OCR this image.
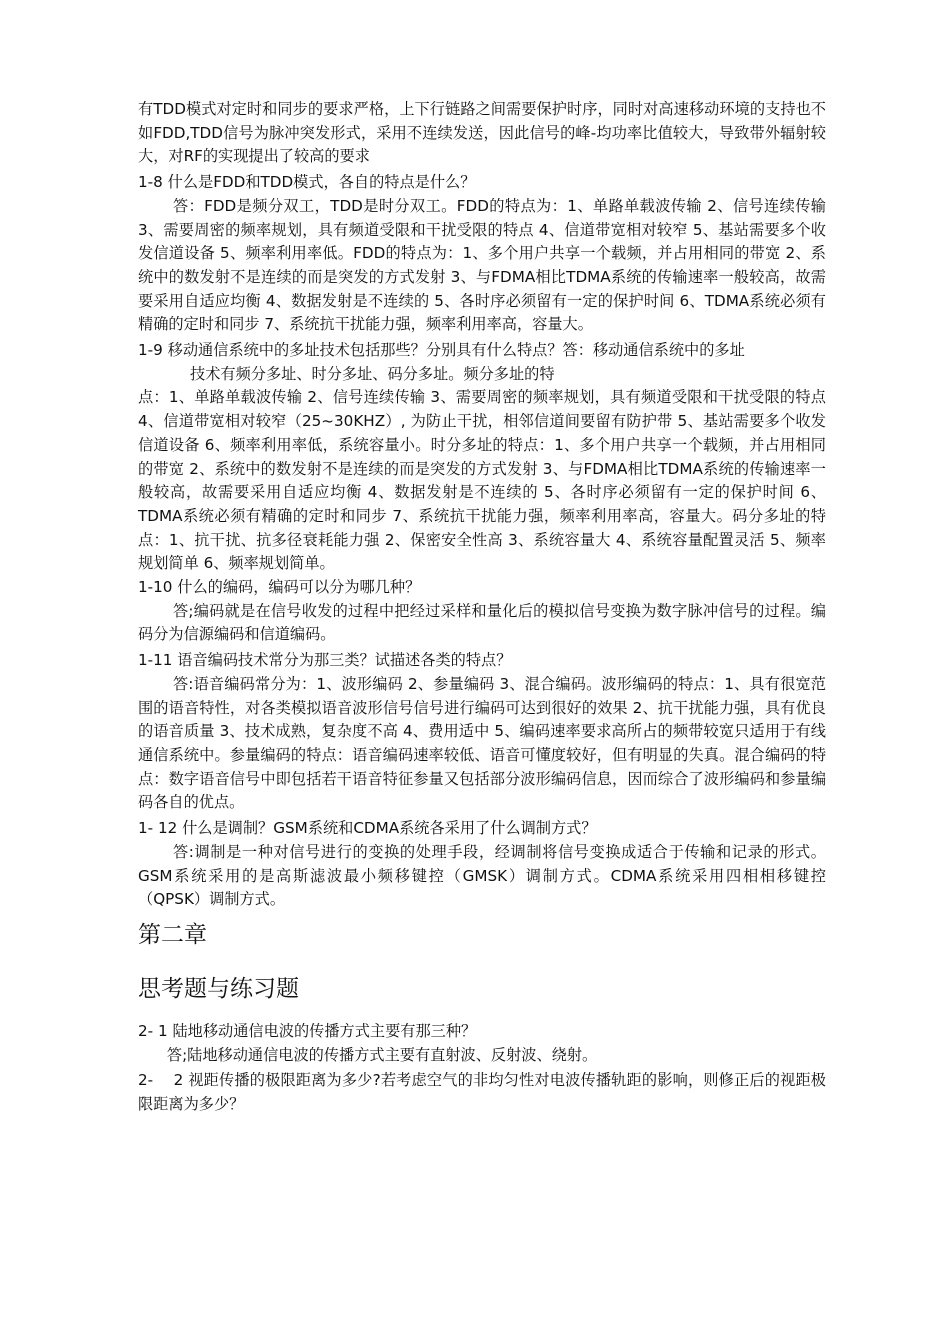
有TDD模式对定时和同步的要求严格，上下行链路之间需要保护时序，同时对高速移动环境的支持也不如FDD,TDD信号为脉冲突发形式，采用不连续发送，因此信号的峰-均功率比值较大，导致带外辐射较大，对RF的实现提出了较高的要求

1-8 什么是FDD和TDD模式，各自的特点是什么？

答：FDD是频分双工，TDD是时分双工。FDD的特点为：1、单路单载波传输 2、信号连续传输 3、需要周密的频率规划，具有频道受限和干扰受限的特点 4、信道带宽相对较窄 5、基站需要多个收发信道设备 5、频率利用率低。FDD的特点为：1、多个用户共享一个载频，并占用相同的带宽 2、系统中的数发射不是连续的而是突发的方式发射 3、与FDMA相比TDMA系统的传输速率一般较高，故需要采用自适应均衡 4、数据发射是不连续的 5、各时序必须留有一定的保护时间 6、TDMA系统必须有精确的定时和同步 7、系统抗干扰能力强，频率利用率高，容量大。

1-9 移动通信系统中的多址技术包括那些？分别具有什么特点？答：移动通信系统中的多址

技术有频分多址、时分多址、码分多址。频分多址的特

点：1、单路单载波传输 2、信号连续传输 3、需要周密的频率规划，具有频道受限和干扰受限的特点 4、信道带宽相对较窄（25~30KHZ）, 为防止干扰，相邻信道间要留有防护带 5、基站需要多个收发信道设备 6、频率利用率低，系统容量小。时分多址的特点：1、多个用户共享一个载频，并占用相同的带宽 2、系统中的数发射不是连续的而是突发的方式发射 3、与FDMA相比TDMA系统的传输速率一般较高，故需要采用自适应均衡 4、数据发射是不连续的 5、各时序必须留有一定的保护时间 6、TDMA系统必须有精确的定时和同步 7、系统抗干扰能力强，频率利用率高，容量大。码分多址的特点：1、抗干扰、抗多径衰耗能力强 2、保密安全性高 3、系统容量大 4、系统容量配置灵活 5、频率规划简单 6、频率规划简单。

1-10 什么的编码，编码可以分为哪几种？

答;编码就是在信号收发的过程中把经过采样和量化后的模拟信号变换为数字脉冲信号的过程。编码分为信源编码和信道编码。

1-11 语音编码技术常分为那三类？试描述各类的特点？

答:语音编码常分为：1、波形编码 2、参量编码 3、混合编码。波形编码的特点：1、具有很宽范围的语音特性，对各类模拟语音波形信号信号进行编码可达到很好的效果 2、抗干扰能力强，具有优良的语音质量 3、技术成熟，复杂度不高 4、费用适中 5、编码速率要求高所占的频带较宽只适用于有线通信系统中。参量编码的特点：语音编码速率较低、语音可懂度较好，但有明显的失真。混合编码的特点：数字语音信号中即包括若干语音特征参量又包括部分波形编码信息，因而综合了波形编码和参量编码各自的优点。

1- 12 什么是调制？GSM系统和CDMA系统各采用了什么调制方式？

答:调制是一种对信号进行的变换的处理手段，经调制将信号变换成适合于传输和记录的形式。GSM系统采用的是高斯滤波最小频移键控（GMSK）调制方式。CDMA系统采用四相相移键控（QPSK）调制方式。

第二章
思考题与练习题

2- 1 陆地移动通信电波的传播方式主要有那三种？

答;陆地移动通信电波的传播方式主要有直射波、反射波、绕射。

2-　 2 视距传播的极限距离为多少?若考虑空气的非均匀性对电波传播轨距的影响，则修正后的视距极限距离为多少？
